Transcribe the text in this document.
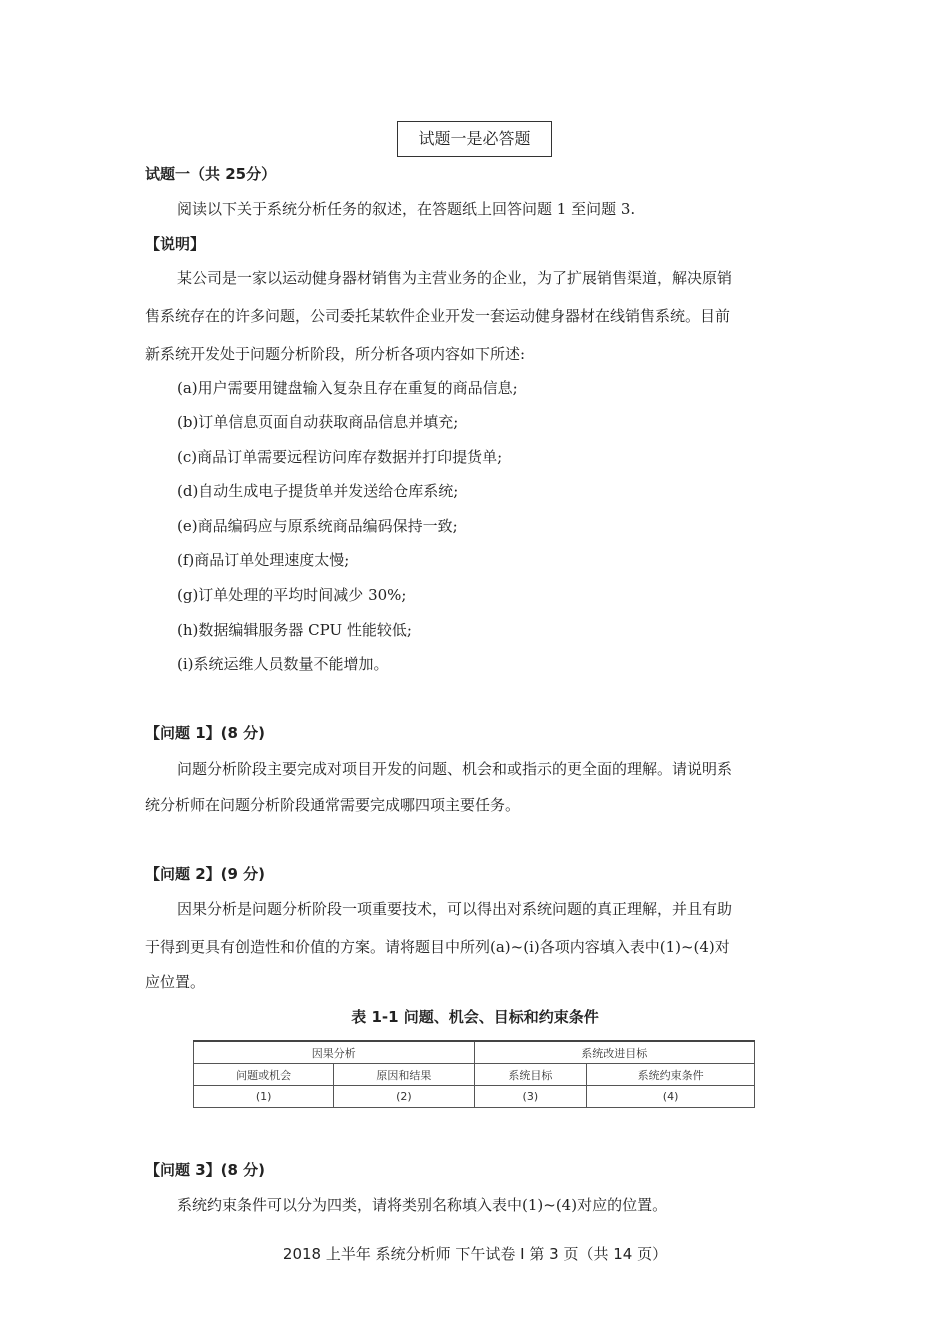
试题一是必答题
试题一（共 25分）
阅读以下关于系统分析任务的叙述，在答题纸上回答问题 1 至问题 3.
【说明】
某公司是一家以运动健身器材销售为主营业务的企业，为了扩展销售渠道，解决原销
售系统存在的许多问题，公司委托某软件企业开发一套运动健身器材在线销售系统。目前
新系统开发处于问题分析阶段，所分析各项内容如下所述:
(a)用户需要用键盘输入复杂且存在重复的商品信息;
(b)订单信息页面自动获取商品信息并填充;
(c)商品订单需要远程访问库存数据并打印提货单;
(d)自动生成电子提货单并发送给仓库系统;
(e)商品编码应与原系统商品编码保持一致;
(f)商品订单处理速度太慢;
(g)订单处理的平均时间减少 30%;
(h)数据编辑服务器 CPU 性能较低;
(i)系统运维人员数量不能增加。
【问题 1】(8 分)
问题分析阶段主要完成对项目开发的问题、机会和或指示的更全面的理解。请说明系
统分析师在问题分析阶段通常需要完成哪四项主要任务。
【问题 2】(9 分)
因果分析是问题分析阶段一项重要技术，可以得出对系统问题的真正理解，并且有助
于得到更具有创造性和价值的方案。请将题目中所列(a)~(i)各项内容填入表中(1)~(4)对
应位置。
表 1-1 问题、机会、目标和约束条件
因果分析		系统改进目标	
问题或机会	原因和结果	系统目标	系统约束条件
(1)	(2)	(3)	(4)
【问题 3】(8 分)
系统约束条件可以分为四类，请将类别名称填入表中(1)~(4)对应的位置。
2018 上半年 系统分析师 下午试卷 I 第 3 页（共 14 页）
